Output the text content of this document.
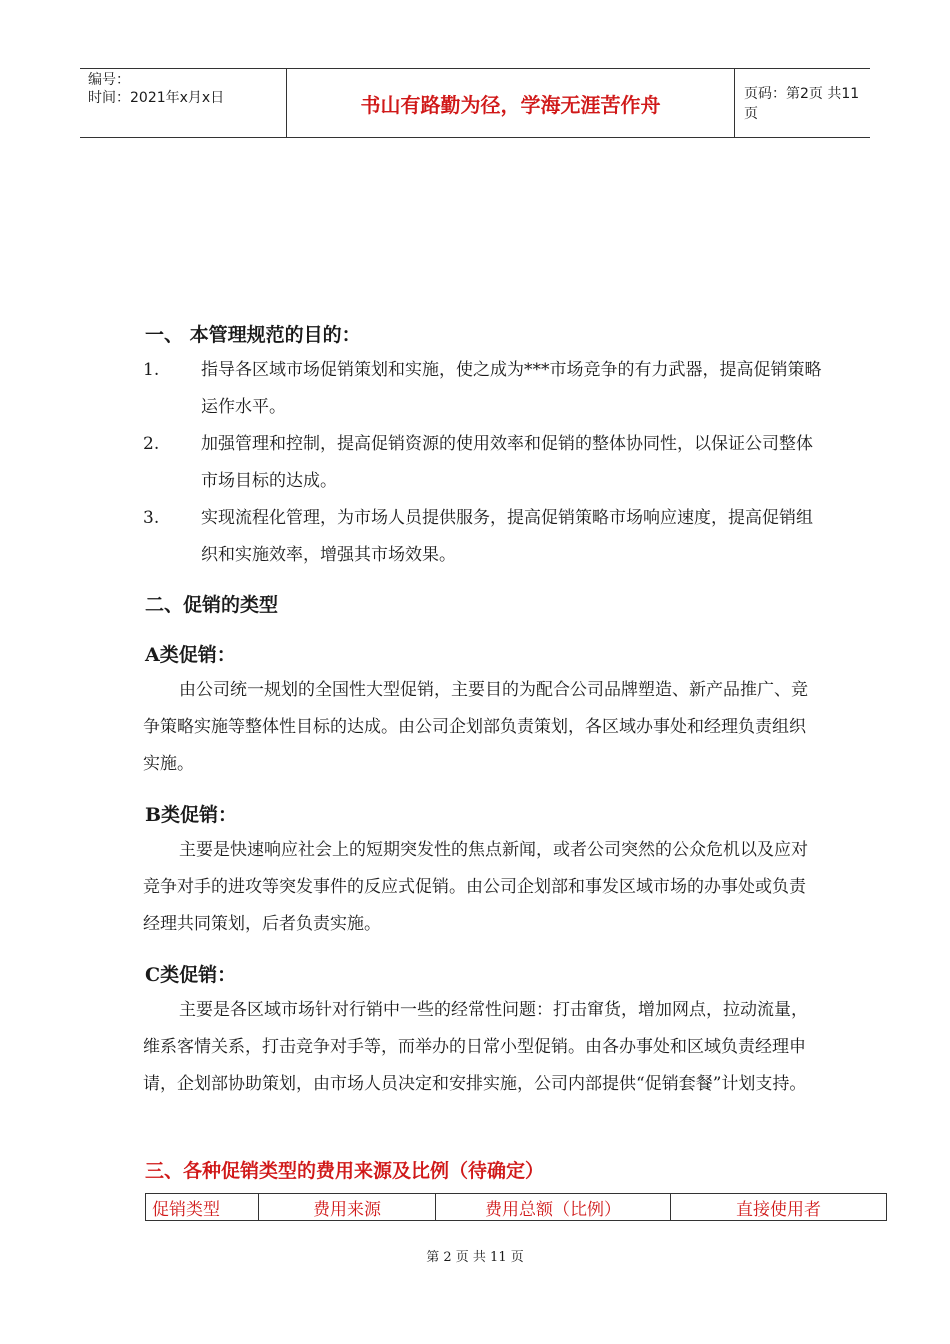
编号：
时间：2021年x月x日	书山有路勤为径，学海无涯苦作舟	页码：第2页 共11页
一、 本管理规范的目的：
1. 指导各区域市场促销策划和实施，使之成为***市场竞争的有力武器，提高促销策略运作水平。
2. 加强管理和控制，提高促销资源的使用效率和促销的整体协同性，以保证公司整体市场目标的达成。
3. 实现流程化管理，为市场人员提供服务，提高促销策略市场响应速度，提高促销组织和实施效率，增强其市场效果。
二、促销的类型
A类促销：
由公司统一规划的全国性大型促销，主要目的为配合公司品牌塑造、新产品推广、竞争策略实施等整体性目标的达成。由公司企划部负责策划，各区域办事处和经理负责组织实施。
B类促销：
主要是快速响应社会上的短期突发性的焦点新闻，或者公司突然的公众危机以及应对竞争对手的进攻等突发事件的反应式促销。由公司企划部和事发区域市场的办事处或负责经理共同策划，后者负责实施。
C类促销：
主要是各区域市场针对行销中一些的经常性问题：打击窜货，增加网点，拉动流量，维系客情关系，打击竞争对手等，而举办的日常小型促销。由各办事处和区域负责经理申请，企划部协助策划，由市场人员决定和安排实施，公司内部提供“促销套餐”计划支持。
三、各种促销类型的费用来源及比例（待确定）
促销类型	费用来源	费用总额（比例）	直接使用者
第 2 页 共 11 页
